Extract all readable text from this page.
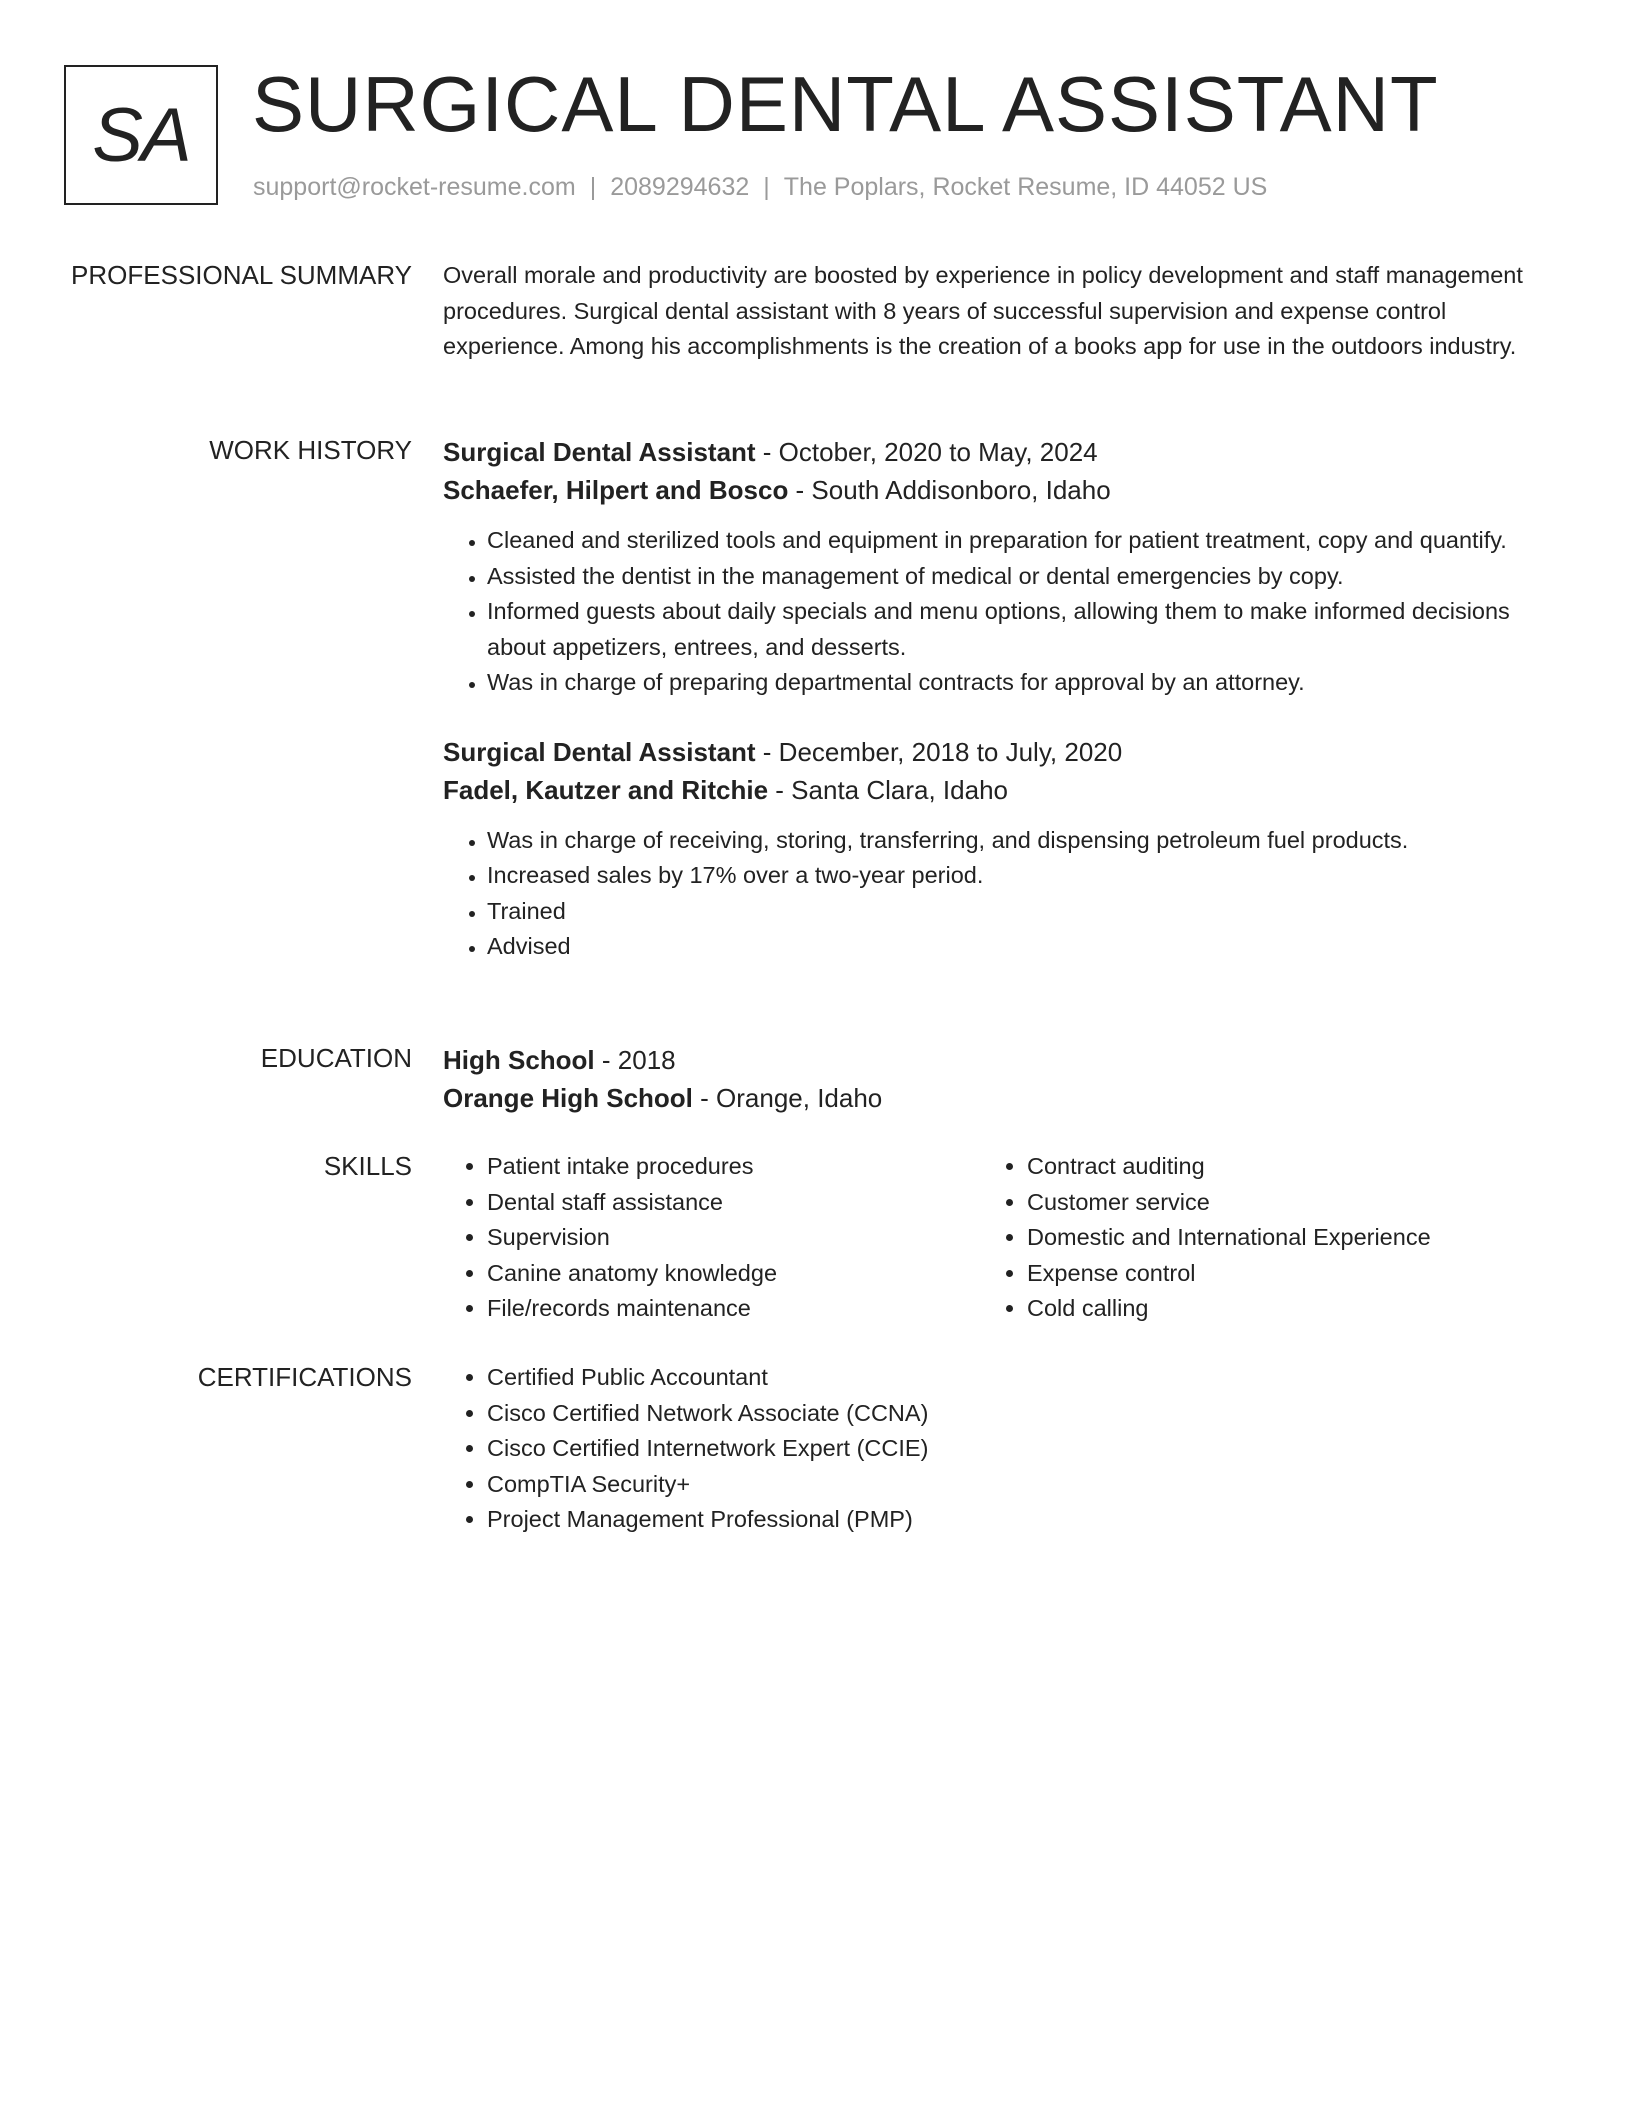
SA SURGICAL DENTAL ASSISTANT
support@rocket-resume.com | 2089294632 | The Poplars, Rocket Resume, ID 44052 US
PROFESSIONAL SUMMARY Overall morale and productivity are boosted by experience in policy development and staff management procedures. Surgical dental assistant with 8 years of successful supervision and expense control experience. Among his accomplishments is the creation of a books app for use in the outdoors industry.
WORK HISTORY Surgical Dental Assistant - October, 2020 to May, 2024
Schaefer, Hilpert and Bosco - South Addisonboro, Idaho
• Cleaned and sterilized tools and equipment in preparation for patient treatment, copy and quantify.
• Assisted the dentist in the management of medical or dental emergencies by copy.
• Informed guests about daily specials and menu options, allowing them to make informed decisions about appetizers, entrees, and desserts.
• Was in charge of preparing departmental contracts for approval by an attorney.
Surgical Dental Assistant - December, 2018 to July, 2020
Fadel, Kautzer and Ritchie - Santa Clara, Idaho
• Was in charge of receiving, storing, transferring, and dispensing petroleum fuel products.
• Increased sales by 17% over a two-year period.
• Trained
• Advised
EDUCATION High School - 2018
Orange High School - Orange, Idaho
SKILLS	• Patient intake procedures
• Dental staff assistance
• Supervision
• Canine anatomy knowledge
• File/records maintenance
• Contract auditing
• Customer service
• Domestic and International Experience
• Expense control
• Cold calling
CERTIFICATIONS	• Certified Public Accountant
• Cisco Certified Network Associate (CCNA)
• Cisco Certified Internetwork Expert (CCIE)
• CompTIA Security+
• Project Management Professional (PMP)
